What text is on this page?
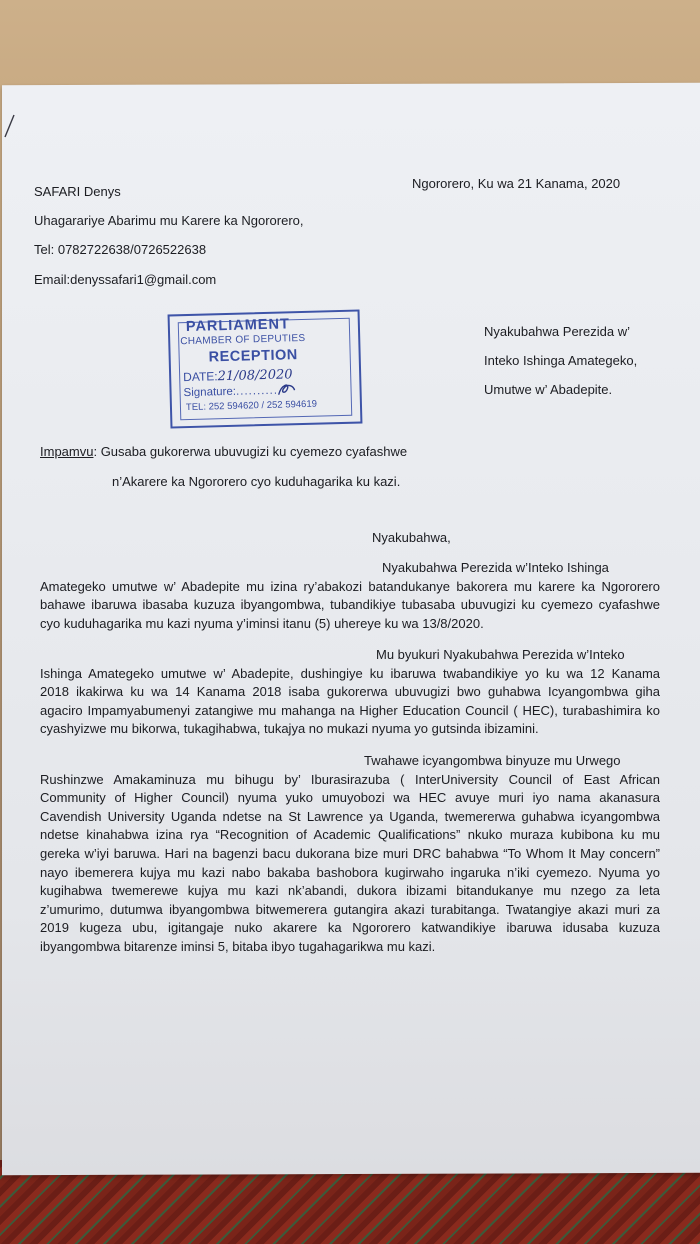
SAFARI Denys
Uhagarariye Abarimu mu Karere ka Ngororero,
Tel: 0782722638/0726522638
Email:denyssafari1@gmail.com
Ngororero, Ku wa 21 Kanama, 2020
Nyakubahwa Perezida w’
Inteko Ishinga Amategeko,
Umutwe w’ Abadepite.
PARLIAMENT
CHAMBER OF DEPUTIES
RECEPTION
DATE:21/08/2020
Signature:..........
TEL: 252 594620 / 252 594619
Impamvu: Gusaba gukorerwa ubuvugizi ku cyemezo cyafashwe
n’Akarere ka Ngororero cyo kuduhagarika ku kazi.
Nyakubahwa,
Nyakubahwa Perezida w’Inteko Ishinga
Amategeko umutwe w’ Abadepite mu izina ry’abakozi batandukanye bakorera mu karere ka Ngororero
bahawe ibaruwa ibasaba kuzuza ibyangombwa, tubandikiye tubasaba ubuvugizi ku cyemezo cyafashwe
cyo kuduhagarika mu kazi nyuma y’iminsi itanu (5) uhereye ku wa 13/8/2020.
Mu byukuri Nyakubahwa Perezida w’Inteko
Ishinga Amategeko umutwe w’ Abadepite, dushingiye ku ibaruwa twabandikiye yo ku wa 12 Kanama
2018 ikakirwa ku wa 14 Kanama 2018 isaba gukorerwa ubuvugizi bwo guhabwa Icyangombwa giha
agaciro Impamyabumenyi zatangiwe mu mahanga na Higher Education Council ( HEC), turabashimira ko
cyashyizwe mu bikorwa, tukagihabwa, tukajya no mukazi nyuma yo gutsinda ibizamini.
Twahawe icyangombwa binyuze mu Urwego
Rushinzwe Amakaminuza mu bihugu by’ Iburasirazuba ( InterUniversity Council of East African
Community of Higher Council) nyuma yuko umuyobozi wa HEC avuye muri iyo nama akanasura
Cavendish University Uganda ndetse na St Lawrence ya Uganda, twemererwa guhabwa icyangombwa
ndetse kinahabwa izina rya “Recognition of Academic Qualifications” nkuko muraza kubibona ku mu
gereka w’iyi baruwa. Hari na bagenzi bacu dukorana bize muri DRC bahabwa “To Whom It May concern”
nayo ibemerera kujya mu kazi nabo bakaba bashobora kugirwaho ingaruka n’iki cyemezo. Nyuma yo
kugihabwa twemerewe kujya mu kazi nk’abandi, dukora ibizami bitandukanye mu nzego za leta
z’umurimo, dutumwa ibyangombwa bitwemerera gutangira akazi turabitanga. Twatangiye akazi muri za
2019 kugeza ubu, igitangaje nuko akarere ka Ngororero katwandikiye ibaruwa idusaba kuzuza
ibyangombwa bitarenze iminsi 5, bitaba ibyo tugahagarikwa mu kazi.
